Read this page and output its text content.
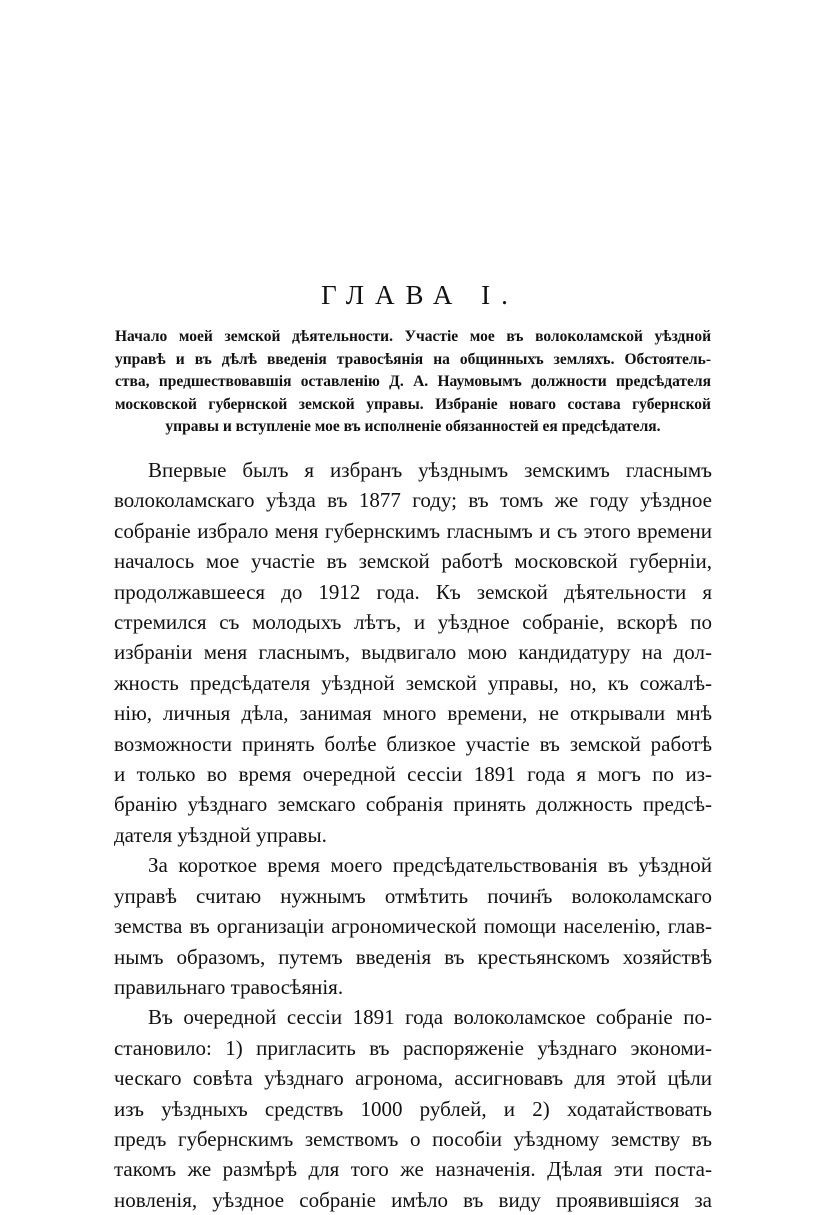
ГЛАВА I.
Начало моей земской дѣятельности. Участіе мое въ волоколамской уѣздной
управѣ и въ дѣлѣ введенія травосѣянія на общинныхъ земляхъ. Обстоятель-
ства, предшествовавшія оставленію Д. А. Наумовымъ должности предсѣдателя
московской губернской земской управы. Избраніе новаго состава губернской
управы и вступленіе мое въ исполненіе обязанностей ея предсѣдателя.
Впервые былъ я избранъ уѣзднымъ земскимъ гласнымъ
волоколамскаго уѣзда въ 1877 году; въ томъ же году уѣздное
собраніе избрало меня губернскимъ гласнымъ и съ этого времени
началось мое участіе въ земской работѣ московской губерніи,
продолжавшееся до 1912 года. Къ земской дѣятельности я
стремился съ молодыхъ лѣтъ, и уѣздное собраніе, вскорѣ по
избраніи меня гласнымъ, выдвигало мою кандидатуру на дол-
жность предсѣдателя уѣздной земской управы, но, къ сожалѣ-
нію, личныя дѣла, занимая много времени, не открывали мнѣ
возможности принять болѣе близкое участіе въ земской работѣ
и только во время очередной сессіи 1891 года я могъ по из-
бранію уѣзднаго земскаго собранія принять должность предсѣ-
дателя уѣздной управы.
За короткое время моего предсѣдательствованія въ уѣздной
управѣ считаю нужнымъ отмѣтить почин҃ъ волоколамскаго
земства въ организаціи агрономической помощи населенію, глав-
нымъ образомъ, путемъ введенія въ крестьянскомъ хозяйствѣ
правильнаго травосѣянія.
Въ очередной сессіи 1891 года волоколамское собраніе по-
становило: 1) пригласить въ распоряженіе уѣзднаго экономи-
ческаго совѣта уѣзднаго агронома, ассигновавъ для этой цѣли
изъ уѣздныхъ средствъ 1000 рублей, и 2) ходатайствовать
предъ губернскимъ земствомъ о пособіи уѣздному земству въ
такомъ же размѣрѣ для того же назначенія. Дѣлая эти поста-
новленія, уѣздное собраніе имѣло въ виду проявившіяся за
